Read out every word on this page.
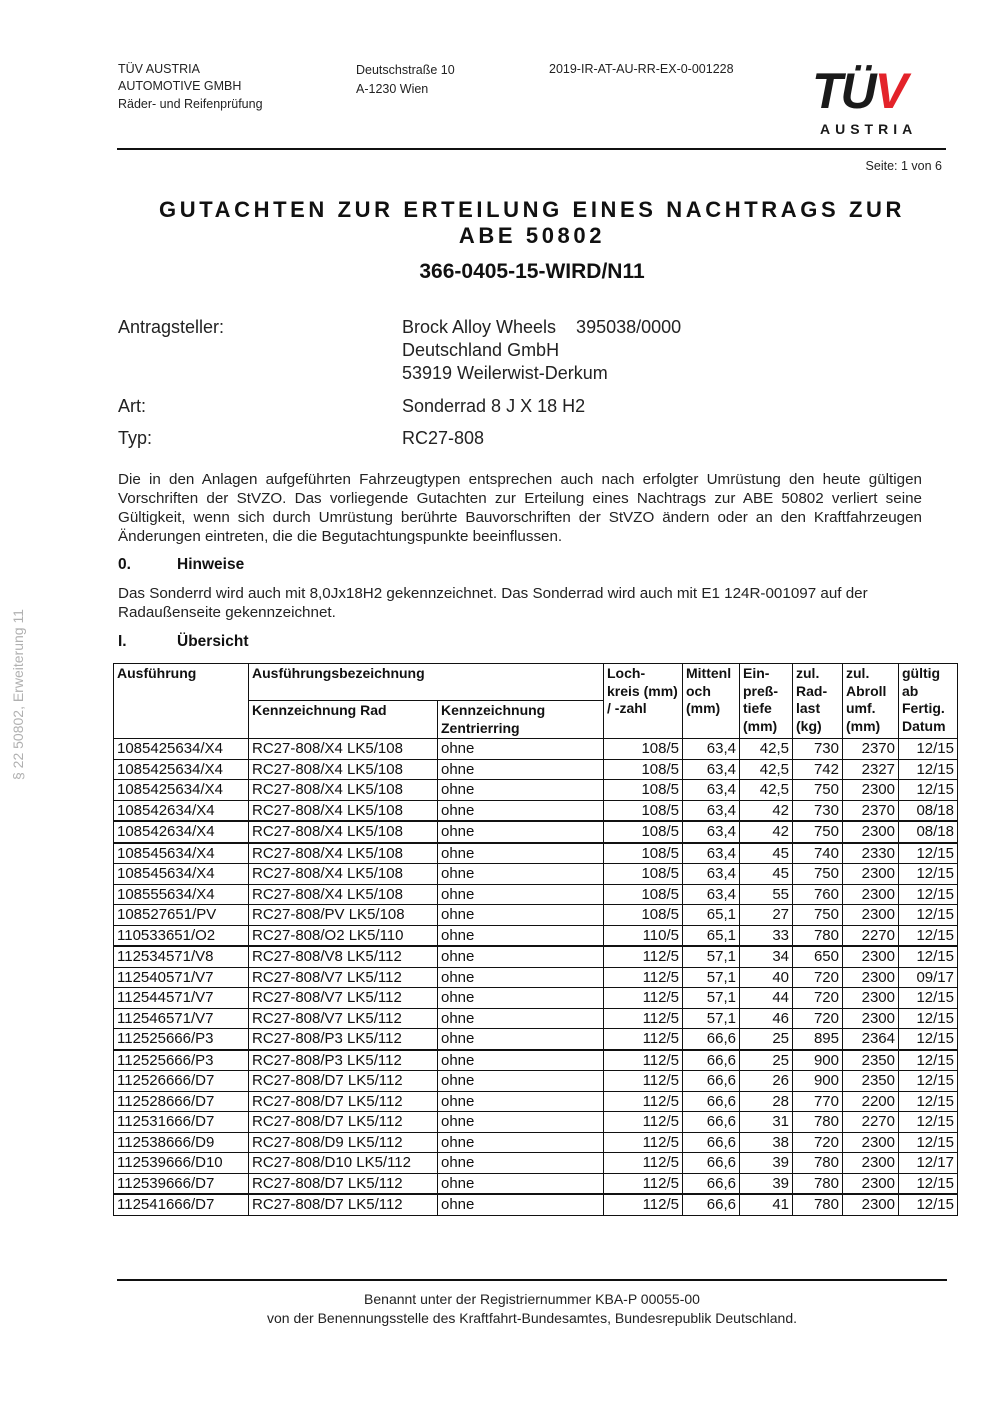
TÜV AUSTRIA
AUTOMOTIVE GMBH
Räder- und Reifenprüfung
Deutschstraße 10
A-1230 Wien
2019-IR-AT-AU-RR-EX-0-001228 TÜV
AUSTRIA
Seite: 1 von 6
GUTACHTEN ZUR ERTEILUNG EINES NACHTRAGS ZUR
ABE 50802
366-0405-15-WIRD/N11
Antragsteller:	Brock Alloy Wheels    395038/0000
Deutschland GmbH
53919 Weilerwist-Derkum
Art:	Sonderrad 8 J X 18 H2
Typ:	RC27-808
Die in den Anlagen aufgeführten Fahrzeugtypen entsprechen auch nach erfolgter Umrüstung den heute gültigen Vorschriften der StVZO. Das vorliegende Gutachten zur Erteilung eines Nachtrags zur ABE 50802 verliert seine Gültigkeit, wenn sich durch Umrüstung berührte Bauvorschriften der StVZO ändern oder an den Kraftfahrzeugen Änderungen eintreten, die die Begutachtungspunkte beeinflussen.
0.	Hinweise
Das Sonderrd wird auch mit 8,0Jx18H2 gekennzeichnet. Das Sonderrad wird auch mit E1 124R-001097 auf der Radaußenseite gekennzeichnet.
I.	Übersicht
Ausführung	Ausführungsbezeichnung		Loch- kreis (mm) / -zahl	Mittenl och (mm)	Ein- preß- tiefe (mm)	zul. Rad- last (kg)	zul. Abroll umf. (mm)	gültig ab Fertig. Datum
	Kennzeichnung Rad	Kennzeichnung Zentrierring						
1085425634/X4	RC27-808/X4 LK5/108	ohne	108/5	63,4	42,5	730	2370	12/15
1085425634/X4	RC27-808/X4 LK5/108	ohne	108/5	63,4	42,5	742	2327	12/15
1085425634/X4	RC27-808/X4 LK5/108	ohne	108/5	63,4	42,5	750	2300	12/15
108542634/X4	RC27-808/X4 LK5/108	ohne	108/5	63,4	42	730	2370	08/18
108542634/X4	RC27-808/X4 LK5/108	ohne	108/5	63,4	42	750	2300	08/18
108545634/X4	RC27-808/X4 LK5/108	ohne	108/5	63,4	45	740	2330	12/15
108545634/X4	RC27-808/X4 LK5/108	ohne	108/5	63,4	45	750	2300	12/15
108555634/X4	RC27-808/X4 LK5/108	ohne	108/5	63,4	55	760	2300	12/15
108527651/PV	RC27-808/PV LK5/108	ohne	108/5	65,1	27	750	2300	12/15
110533651/O2	RC27-808/O2 LK5/110	ohne	110/5	65,1	33	780	2270	12/15
112534571/V8	RC27-808/V8 LK5/112	ohne	112/5	57,1	34	650	2300	12/15
112540571/V7	RC27-808/V7 LK5/112	ohne	112/5	57,1	40	720	2300	09/17
112544571/V7	RC27-808/V7 LK5/112	ohne	112/5	57,1	44	720	2300	12/15
112546571/V7	RC27-808/V7 LK5/112	ohne	112/5	57,1	46	720	2300	12/15
112525666/P3	RC27-808/P3 LK5/112	ohne	112/5	66,6	25	895	2364	12/15
112525666/P3	RC27-808/P3 LK5/112	ohne	112/5	66,6	25	900	2350	12/15
112526666/D7	RC27-808/D7 LK5/112	ohne	112/5	66,6	26	900	2350	12/15
112528666/D7	RC27-808/D7 LK5/112	ohne	112/5	66,6	28	770	2200	12/15
112531666/D7	RC27-808/D7 LK5/112	ohne	112/5	66,6	31	780	2270	12/15
112538666/D9	RC27-808/D9 LK5/112	ohne	112/5	66,6	38	720	2300	12/15
112539666/D10	RC27-808/D10 LK5/112	ohne	112/5	66,6	39	780	2300	12/17
112539666/D7	RC27-808/D7 LK5/112	ohne	112/5	66,6	39	780	2300	12/15
112541666/D7	RC27-808/D7 LK5/112	ohne	112/5	66,6	41	780	2300	12/15
Benannt unter der Registriernummer KBA-P 00055-00
von der Benennungsstelle des Kraftfahrt-Bundesamtes, Bundesrepublik Deutschland.
§ 22 50802, Erweiterung 11
